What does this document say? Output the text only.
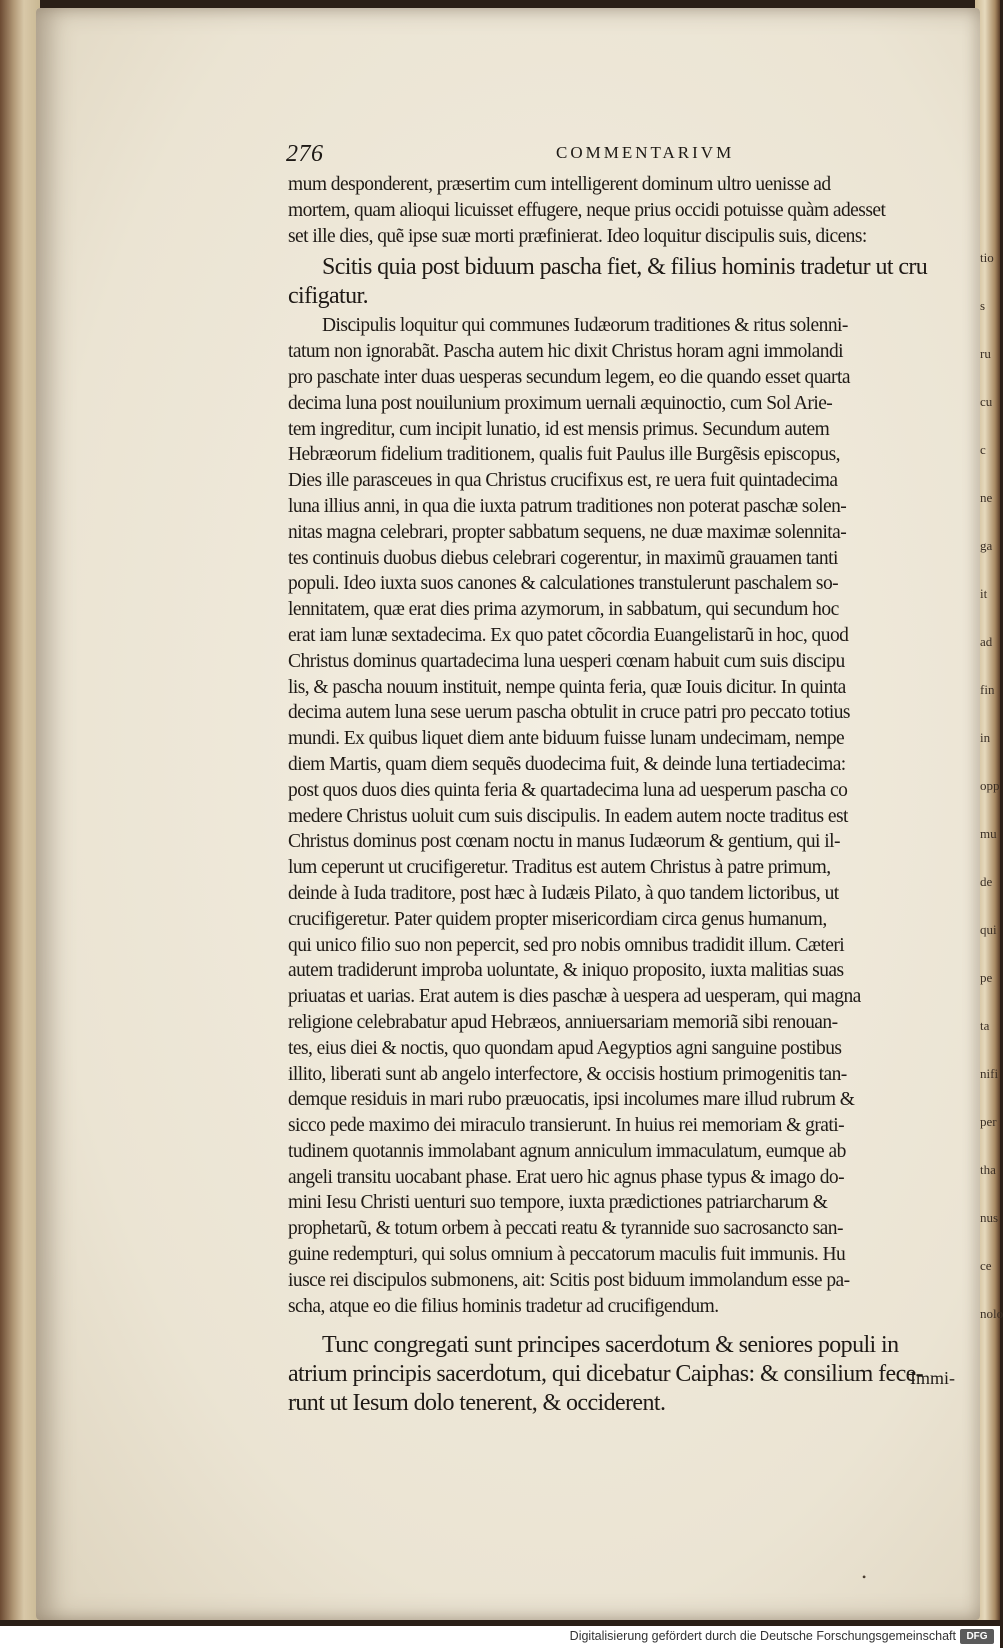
tio
s
ru
cu
c
ne
ga
it
ad
fin
in
opp
mu
de
qui
pe
ta
nifi
per
tha
nus
ce
nolo
276	COMMENTARIVM
mum desponderent, præsertim cum intelligerent dominum ultro uenisse ad
mortem, quam alioqui licuisset effugere, neque prius occidi potuisse quàm adesset
set ille dies, quẽ ipse suæ morti præfinierat. Ideo loquitur discipulis suis, dicens:
Scitis quia post biduum pascha fiet, & filius hominis tradetur ut cru
cifigatur.
Discipulis loquitur qui communes Iudæorum traditiones & ritus solenni-
tatum non ignorabãt. Pascha autem hic dixit Christus horam agni immolandi
pro paschate inter duas uesperas secundum legem, eo die quando esset quarta
decima luna post nouilunium proximum uernali æquinoctio, cum Sol Arie-
tem ingreditur, cum incipit lunatio, id est mensis primus. Secundum autem
Hebræorum fidelium traditionem, qualis fuit Paulus ille Burgẽsis episcopus,
Dies ille parasceues in qua Christus crucifixus est, re uera fuit quintadecima
luna illius anni, in qua die iuxta patrum traditiones non poterat paschæ solen-
nitas magna celebrari, propter sabbatum sequens, ne duæ maximæ solennita-
tes continuis duobus diebus celebrari cogerentur, in maximũ grauamen tanti
populi. Ideo iuxta suos canones & calculationes transtulerunt paschalem so-
lennitatem, quæ erat dies prima azymorum, in sabbatum, qui secundum hoc
erat iam lunæ sextadecima. Ex quo patet cõcordia Euangelistarũ in hoc, quod
Christus dominus quartadecima luna uesperi cœnam habuit cum suis discipu
lis, & pascha nouum instituit, nempe quinta feria, quæ Iouis dicitur. In quinta
decima autem luna sese uerum pascha obtulit in cruce patri pro peccato totius
mundi. Ex quibus liquet diem ante biduum fuisse lunam undecimam, nempe
diem Martis, quam diem sequẽs duodecima fuit, & deinde luna tertiadecima:
post quos duos dies quinta feria & quartadecima luna ad uesperum pascha co
medere Christus uoluit cum suis discipulis. In eadem autem nocte traditus est
Christus dominus post cœnam noctu in manus Iudæorum & gentium, qui il-
lum ceperunt ut crucifigeretur. Traditus est autem Christus à patre primum,
deinde à Iuda traditore, post hæc à Iudæis Pilato, à quo tandem lictoribus, ut
crucifigeretur. Pater quidem propter misericordiam circa genus humanum,
qui unico filio suo non pepercit, sed pro nobis omnibus tradidit illum. Cæteri
autem tradiderunt improba uoluntate, & iniquo proposito, iuxta malitias suas
priuatas et uarias. Erat autem is dies paschæ à uespera ad uesperam, qui magna
religione celebrabatur apud Hebræos, anniuersariam memoriã sibi renouan-
tes, eius diei & noctis, quo quondam apud Aegyptios agni sanguine postibus
illito, liberati sunt ab angelo interfectore, & occisis hostium primogenitis tan-
demque residuis in mari rubo præuocatis, ipsi incolumes mare illud rubrum &
sicco pede maximo dei miraculo transierunt. In huius rei memoriam & grati-
tudinem quotannis immolabant agnum anniculum immaculatum, eumque ab
angeli transitu uocabant phase. Erat uero hic agnus phase typus & imago do-
mini Iesu Christi uenturi suo tempore, iuxta prædictiones patriarcharum &
prophetarũ, & totum orbem à peccati reatu & tyrannide suo sacrosancto san-
guine redempturi, qui solus omnium à peccatorum maculis fuit immunis. Hu
iusce rei discipulos submonens, ait: Scitis post biduum immolandum esse pa-
scha, atque eo die filius hominis tradetur ad crucifigendum.
Tunc congregati sunt principes sacerdotum & seniores populi in
atrium principis sacerdotum, qui dicebatur Caiphas: & consilium fece-
runt ut Iesum dolo tenerent, & occiderent.
Immi-
•
Digitalisierung gefördert durch die Deutsche Forschungsgemeinschaft	DFG
